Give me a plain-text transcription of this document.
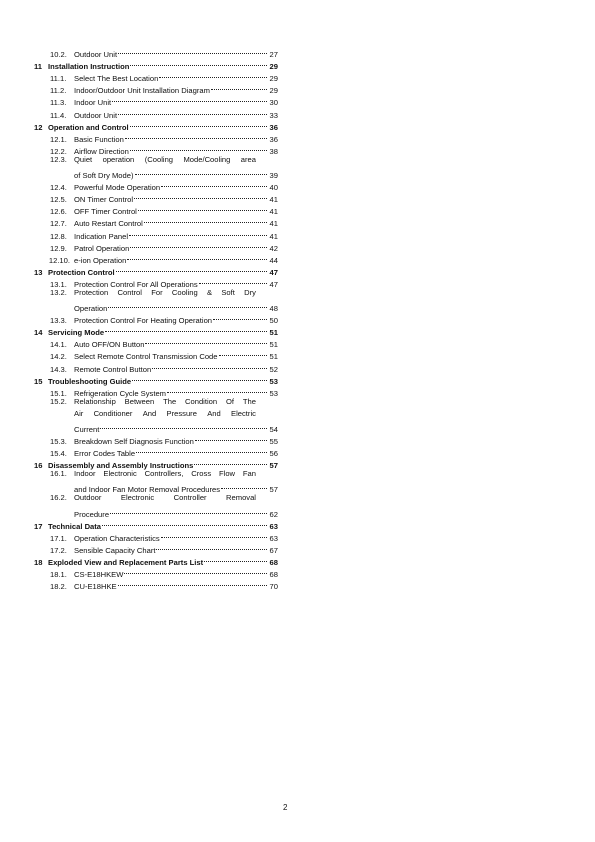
10.2. Outdoor Unit	27
11 Installation Instruction	29
11.1.	Select The Best Location	29
11.2.	Indoor/Outdoor Unit Installation Diagram	29
11.3.	Indoor Unit	30
11.4.	Outdoor Unit	33
12 Operation and Control	36
12.1. Basic Function	36
12.2. Airflow Direction	38
12.3. Quiet operation (Cooling Mode/Cooling area
of Soft Dry Mode)	39
12.4. Powerful Mode Operation	40
12.5. ON Timer Control	41
12.6. OFF Timer Control	41
12.7. Auto Restart Control	41
12.8. Indication Panel	41
12.9. Patrol Operation	42
12.10. e-ion Operation	44
13 Protection Control	47
13.1. Protection Control For All Operations	47
13.2. Protection Control For Cooling & Soft Dry
Operation	48
13.3. Protection Control For Heating Operation	50
14 Servicing Mode	51
14.1. Auto OFF/ON Button	51
14.2. Select Remote Control Transmission Code	51
14.3. Remote Control Button	52
15 Troubleshooting Guide	53
15.1. Refrigeration Cycle System	53
15.2. Relationship Between The Condition Of The
Air Conditioner And Pressure And Electric
Current	54
15.3. Breakdown Self Diagnosis Function	55
15.4. Error Codes Table	56
16 Disassembly and Assembly Instructions	57
16.1. Indoor Electronic Controllers, Cross Flow Fan
and Indoor Fan Motor Removal Procedures	57
16.2. Outdoor	Electronic	Controller	Removal
Procedure	62
17 Technical Data	63
17.1. Operation Characteristics	63
17.2. Sensible Capacity Chart	67
18 Exploded View and Replacement Parts List	68
18.1. CS-E18HKEW	68
18.2. CU-E18HKE	70
2
